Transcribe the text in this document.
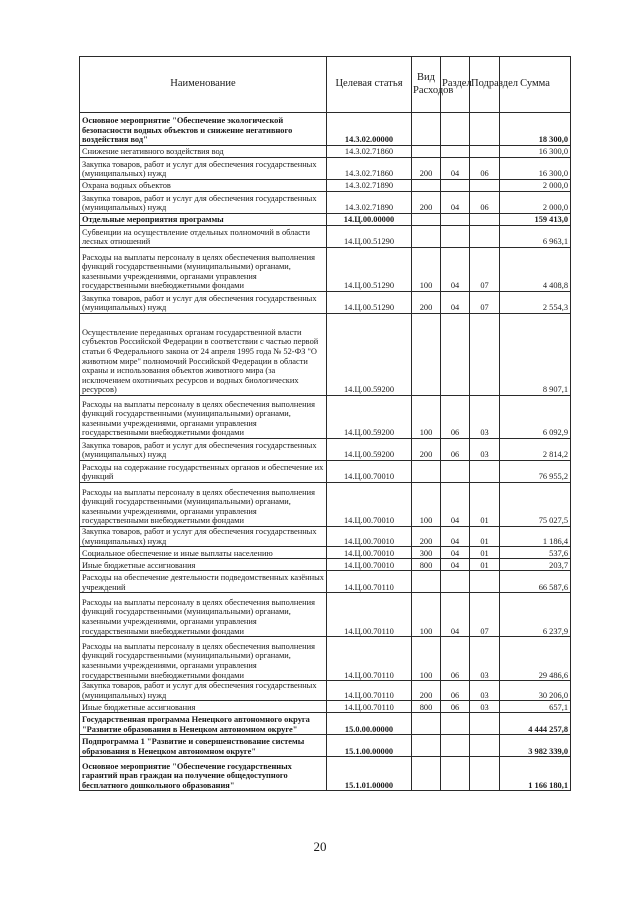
Наименование	Целевая статья	Вид Расходов	Раздел	Подраздел	Сумма
Основное мероприятие "Обеспечение экологической безопасности водных объектов и снижение негативного воздействия вод"	14.3.02.00000				18 300,0
Снижение негативного воздействия вод	14.3.02.71860				16 300,0
Закупка товаров, работ и услуг для обеспечения государственных (муниципальных) нужд	14.3.02.71860	200	04	06	16 300,0
Охрана водных объектов	14.3.02.71890				2 000,0
Закупка товаров, работ и услуг для обеспечения государственных (муниципальных) нужд	14.3.02.71890	200	04	06	2 000,0
Отдельные мероприятия программы	14.Ц.00.00000				159 413,0
Субвенции на осуществление отдельных полномочий в области лесных отношений	14.Ц.00.51290				6 963,1
Расходы на выплаты персоналу в целях обеспечения выполнения функций государственными (муниципальными) органами, казенными учреждениями, органами управления государственными внебюджетными фондами	14.Ц.00.51290	100	04	07	4 408,8
Закупка товаров, работ и услуг для обеспечения государственных (муниципальных) нужд	14.Ц.00.51290	200	04	07	2 554,3
Осуществление переданных органам государственной власти субъектов Российской Федерации в соответствии с частью первой статьи 6 Федерального закона от 24 апреля 1995 года № 52-ФЗ "О животном мире" полномочий Российской Федерации в области охраны и использования объектов животного мира (за исключением охотничьих ресурсов и водных биологических ресурсов)	14.Ц.00.59200				8 907,1
Расходы на выплаты персоналу в целях обеспечения выполнения функций государственными (муниципальными) органами, казенными учреждениями, органами управления государственными внебюджетными фондами	14.Ц.00.59200	100	06	03	6 092,9
Закупка товаров, работ и услуг для обеспечения государственных (муниципальных) нужд	14.Ц.00.59200	200	06	03	2 814,2
Расходы на содержание государственных органов и обеспечение их функций	14.Ц.00.70010				76 955,2
Расходы на выплаты персоналу в целях обеспечения выполнения функций государственными (муниципальными) органами, казенными учреждениями, органами управления государственными внебюджетными фондами	14.Ц.00.70010	100	04	01	75 027,5
Закупка товаров, работ и услуг для обеспечения государственных (муниципальных) нужд	14.Ц.00.70010	200	04	01	1 186,4
Социальное обеспечение и иные выплаты населению	14.Ц.00.70010	300	04	01	537,6
Иные бюджетные ассигнования	14.Ц.00.70010	800	04	01	203,7
Расходы на обеспечение деятельности подведомственных казённых учреждений	14.Ц.00.70110				66 587,6
Расходы на выплаты персоналу в целях обеспечения выполнения функций государственными (муниципальными) органами, казенными учреждениями, органами управления государственными внебюджетными фондами	14.Ц.00.70110	100	04	07	6 237,9
Расходы на выплаты персоналу в целях обеспечения выполнения функций государственными (муниципальными) органами, казенными учреждениями, органами управления государственными внебюджетными фондами	14.Ц.00.70110	100	06	03	29 486,6
Закупка товаров, работ и услуг для обеспечения государственных (муниципальных) нужд	14.Ц.00.70110	200	06	03	30 206,0
Иные бюджетные ассигнования	14.Ц.00.70110	800	06	03	657,1
Государственная программа Ненецкого автономного округа "Развитие образования в Ненецком автономном округе"	15.0.00.00000				4 444 257,8
Подпрограмма 1 "Развитие и совершенствование системы образования в Ненецком автономном округе"	15.1.00.00000				3 982 339,0
Основное мероприятие "Обеспечение государственных гарантий прав граждан на получение общедоступного бесплатного дошкольного образования"	15.1.01.00000				1 166 180,1
20
